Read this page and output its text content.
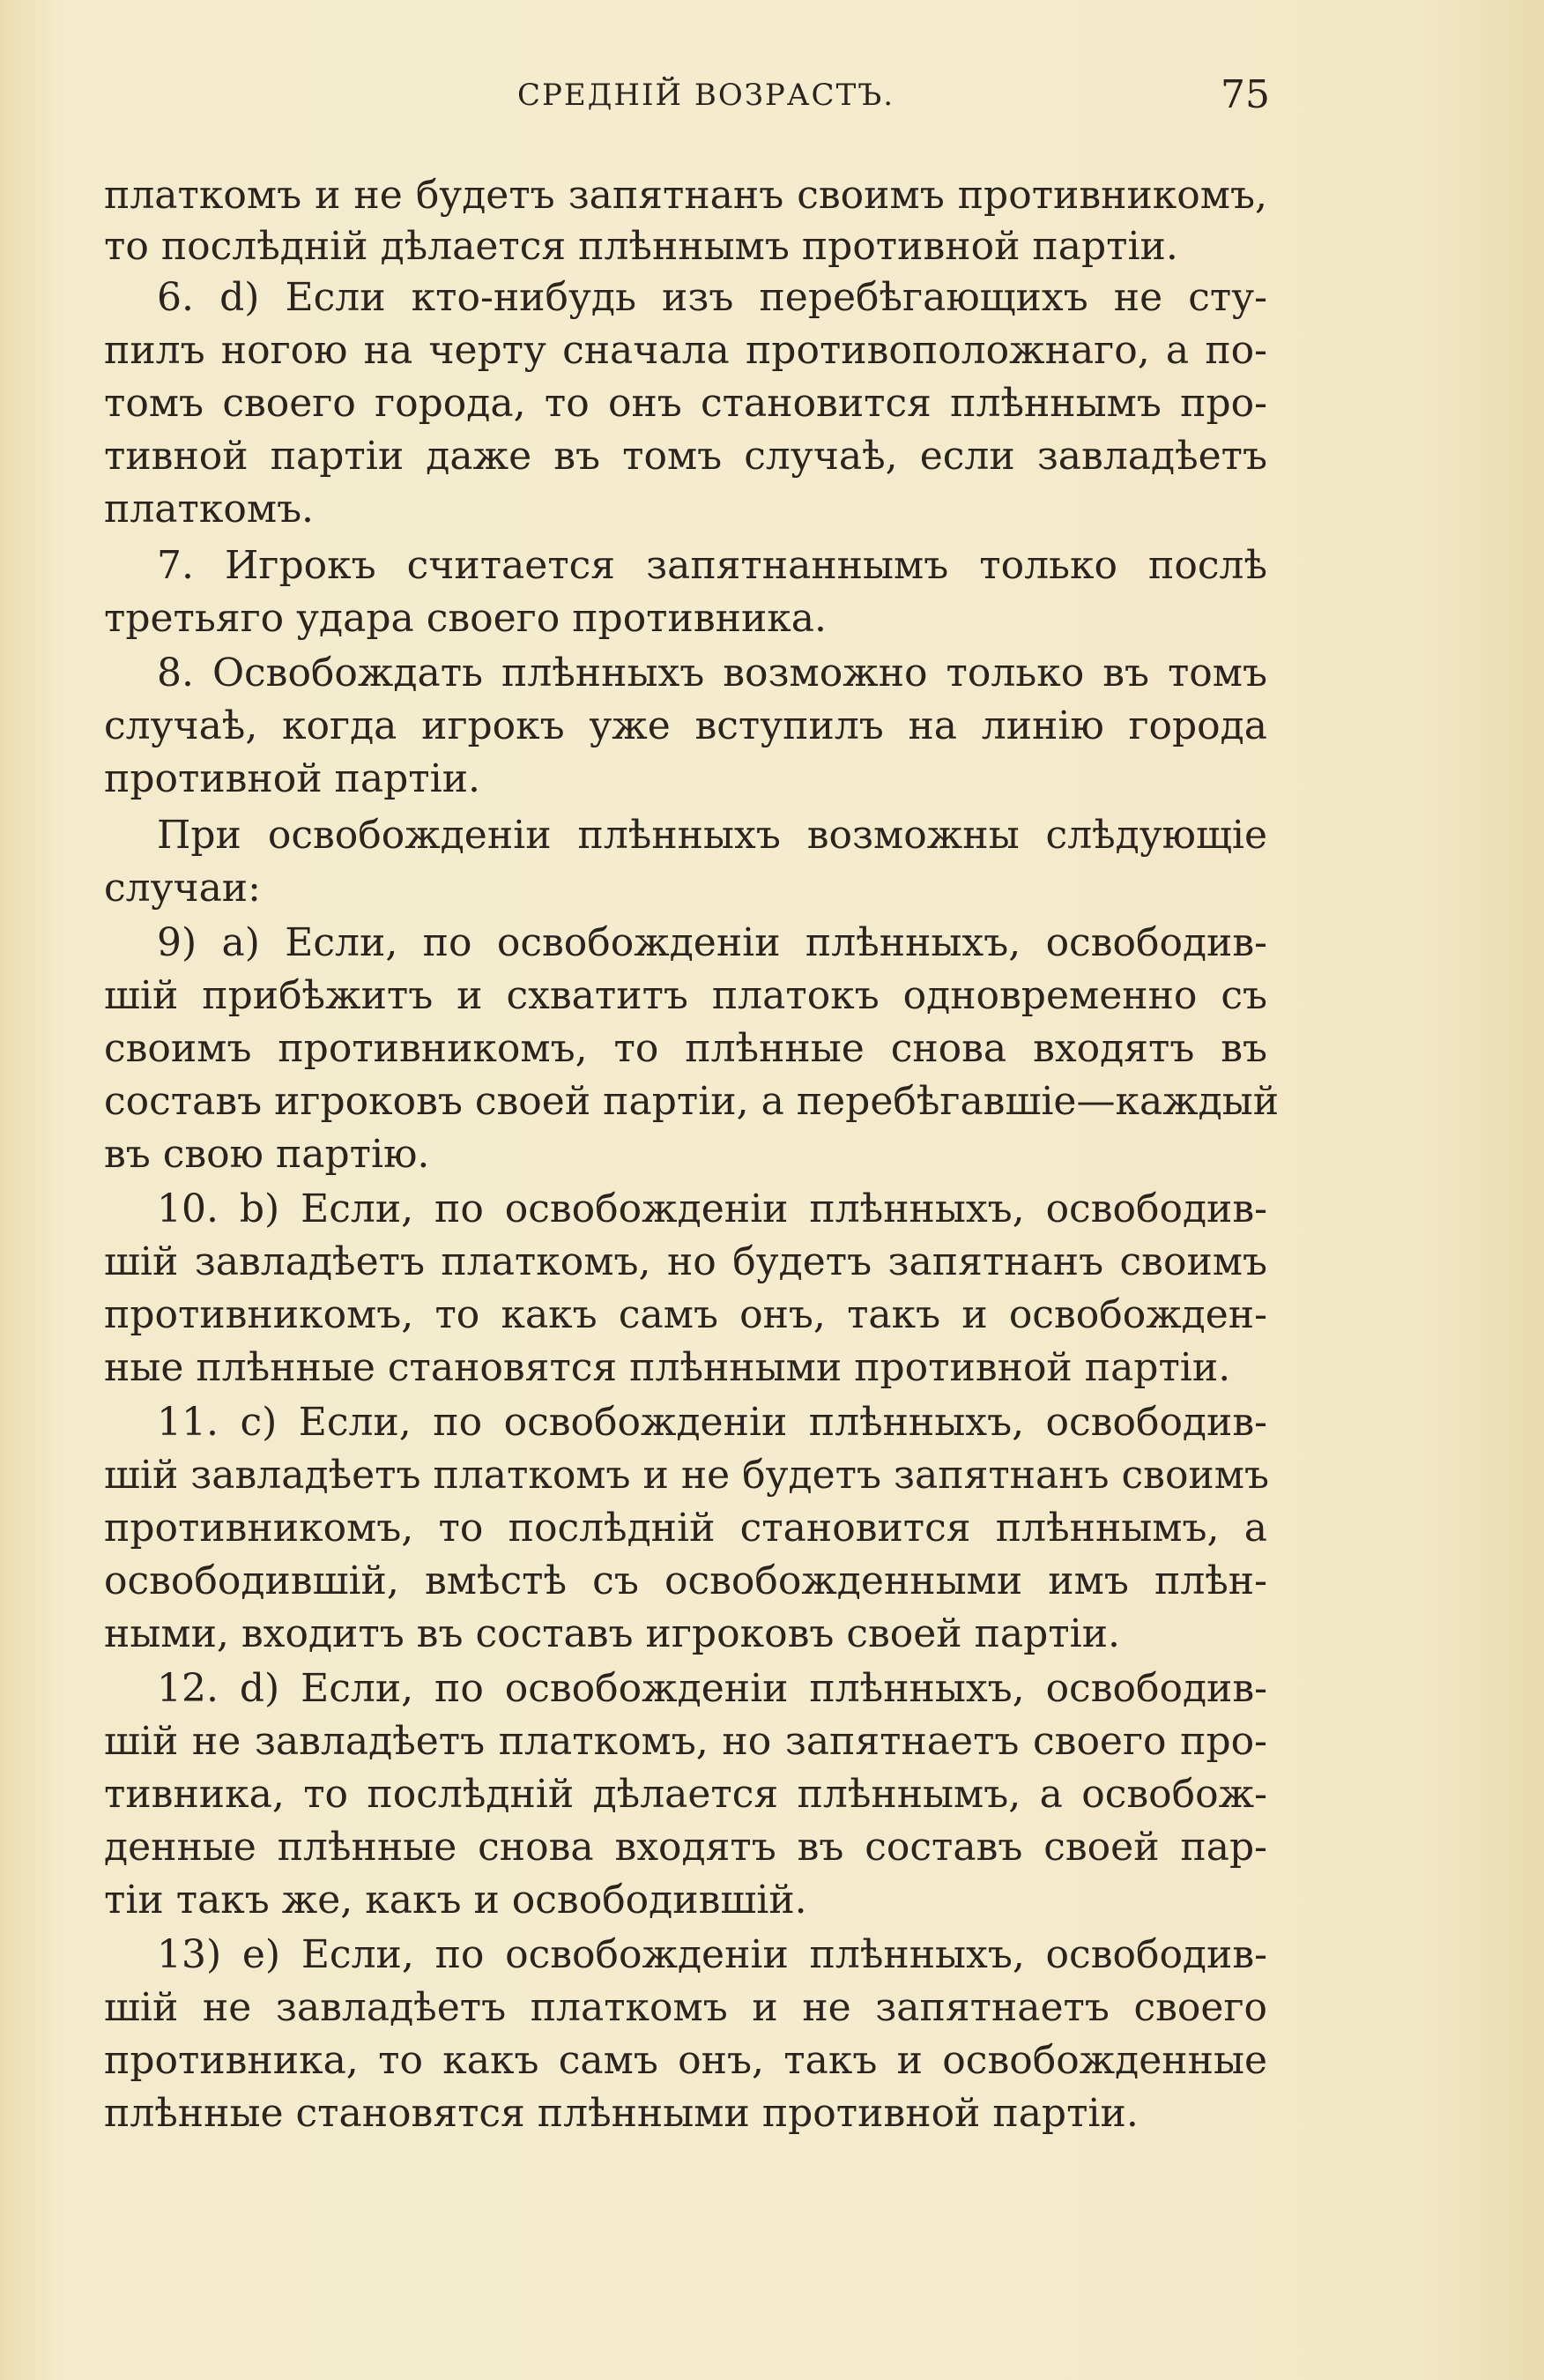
СРЕДНІЙ ВОЗРАСТЪ.	75
платкомъ и не будетъ запятнанъ своимъ противникомъ,
то послѣдній дѣлается плѣннымъ противной партіи.
6. d) Если кто-нибудь изъ перебѣгающихъ не сту-
пилъ ногою на черту сначала противоположнаго, а по-
томъ своего города, то онъ становится плѣннымъ про-
тивной партіи даже въ томъ случаѣ, если завладѣетъ
платкомъ.
7. Игрокъ считается запятнаннымъ только послѣ
третьяго удара своего противника.
8. Освобождать плѣнныхъ возможно только въ томъ
случаѣ, когда игрокъ уже вступилъ на линію города
противной партіи.
При освобожденіи плѣнныхъ возможны слѣдующіе
случаи:
9) a) Если, по освобожденіи плѣнныхъ, освободив-
шій прибѣжитъ и схватитъ платокъ одновременно съ
своимъ противникомъ, то плѣнные снова входятъ въ
составъ игроковъ своей партіи, а перебѣгавшіе—каждый
въ свою партію.
10. b) Если, по освобожденіи плѣнныхъ, освободив-
шій завладѣетъ платкомъ, но будетъ запятнанъ своимъ
противникомъ, то какъ самъ онъ, такъ и освобожден-
ные плѣнные становятся плѣнными противной партіи.
11. c) Если, по освобожденіи плѣнныхъ, освободив-
шій завладѣетъ платкомъ и не будетъ запятнанъ своимъ
противникомъ, то послѣдній становится плѣннымъ, а
освободившій, вмѣстѣ съ освобожденными имъ плѣн-
ными, входитъ въ составъ игроковъ своей партіи.
12. d) Если, по освобожденіи плѣнныхъ, освободив-
шій не завладѣетъ платкомъ, но запятнаетъ своего про-
тивника, то послѣдній дѣлается плѣннымъ, а освобож-
денные плѣнные снова входятъ въ составъ своей пар-
тіи такъ же, какъ и освободившій.
13) e) Если, по освобожденіи плѣнныхъ, освободив-
шій не завладѣетъ платкомъ и не запятнаетъ своего
противника, то какъ самъ онъ, такъ и освобожденные
плѣнные становятся плѣнными противной партіи.
